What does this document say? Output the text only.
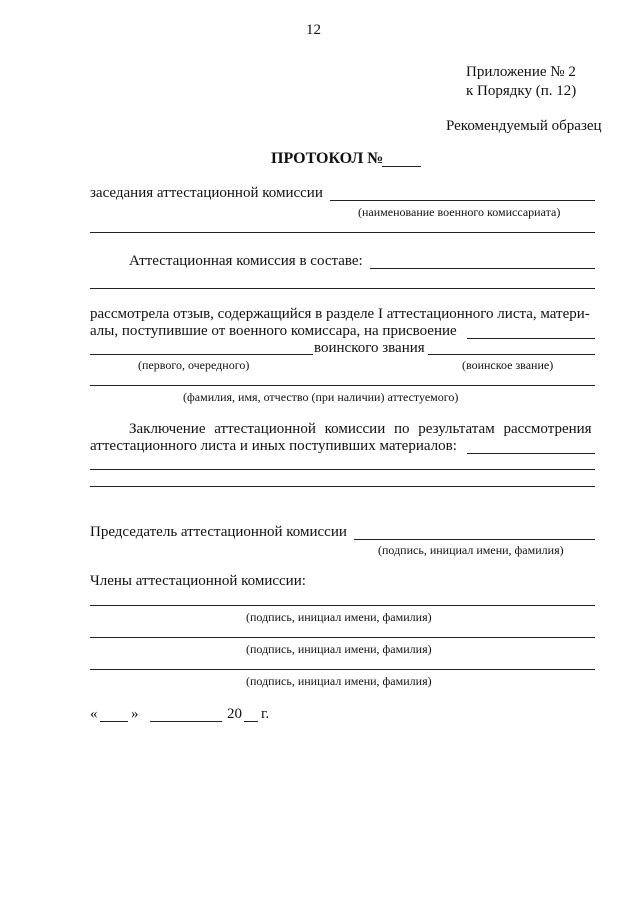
12
Приложение № 2
к Порядку (п. 12)
Рекомендуемый образец
ПРОТОКОЛ №
заседания аттестационной комиссии
(наименование военного комиссариата)
Аттестационная комиссия в составе:
рассмотрела отзыв, содержащийся в разделе I аттестационного листа, матери-
алы, поступившие от военного комиссара, на присвоение
воинского звания
(первого, очередного)	(воинское звание)
(фамилия, имя, отчество (при наличии) аттестуемого)
Заключение аттестационной комиссии по результатам рассмотрения
аттестационного листа и иных поступивших материалов:
Председатель аттестационной комиссии
(подпись, инициал имени, фамилия)
Члены аттестационной комиссии:
(подпись, инициал имени, фамилия)
(подпись, инициал имени, фамилия)
(подпись, инициал имени, фамилия)
« »	20 г.
